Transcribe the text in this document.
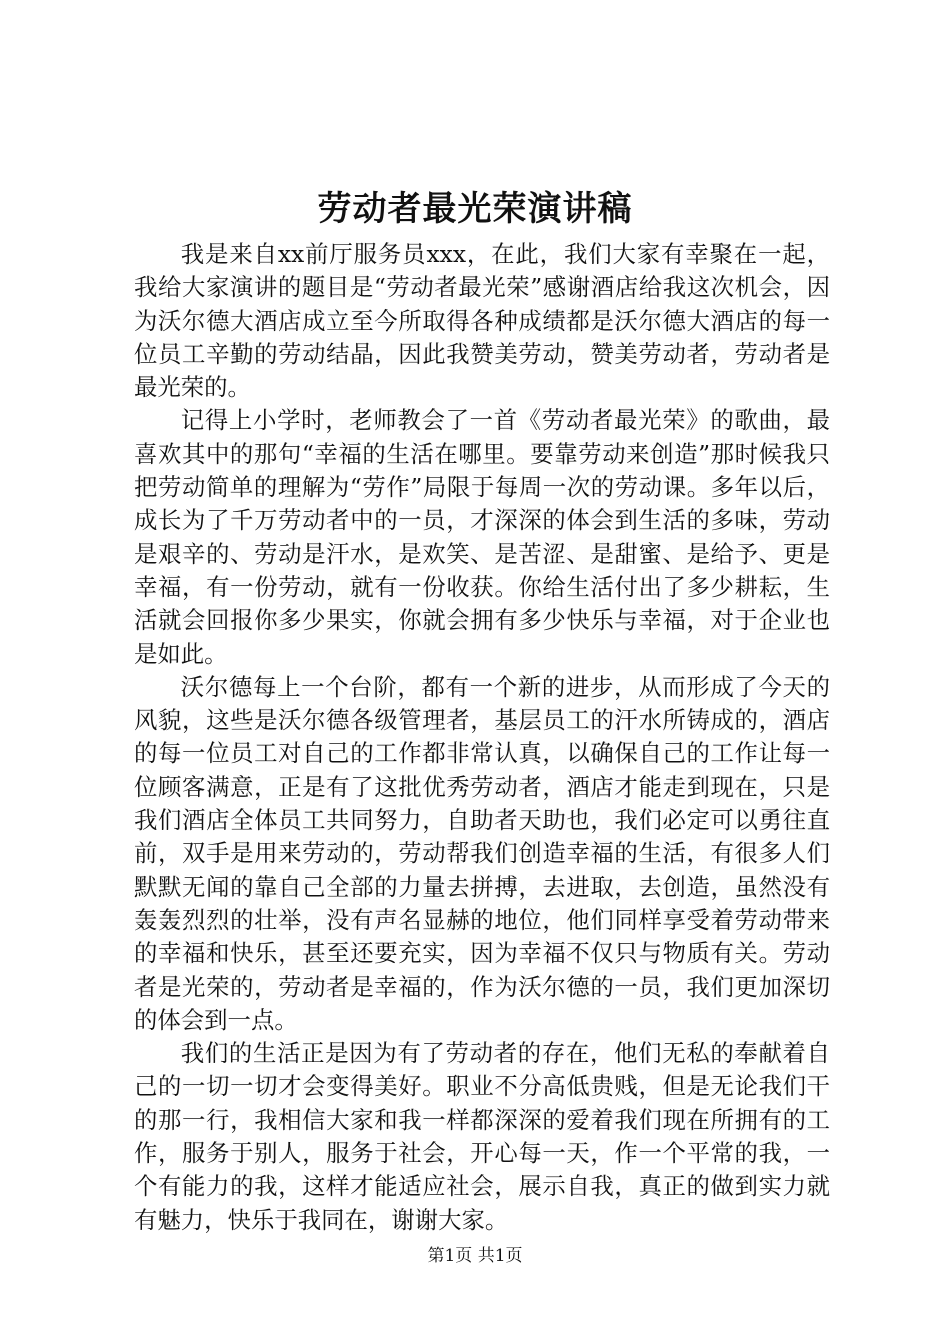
劳动者最光荣演讲稿

我是来自xx前厅服务员xxx，在此，我们大家有幸聚在一起，我给大家演讲的题目是“劳动者最光荣”感谢酒店给我这次机会，因为沃尔德大酒店成立至今所取得各种成绩都是沃尔德大酒店的每一位员工辛勤的劳动结晶，因此我赞美劳动，赞美劳动者，劳动者是最光荣的。

记得上小学时，老师教会了一首《劳动者最光荣》的歌曲，最喜欢其中的那句“幸福的生活在哪里。要靠劳动来创造”那时候我只把劳动简单的理解为“劳作”局限于每周一次的劳动课。多年以后，成长为了千万劳动者中的一员，才深深的体会到生活的多味，劳动是艰辛的、劳动是汗水，是欢笑、是苦涩、是甜蜜、是给予、更是幸福，有一份劳动，就有一份收获。你给生活付出了多少耕耘，生活就会回报你多少果实，你就会拥有多少快乐与幸福，对于企业也是如此。

沃尔德每上一个台阶，都有一个新的进步，从而形成了今天的风貌，这些是沃尔德各级管理者，基层员工的汗水所铸成的，酒店的每一位员工对自己的工作都非常认真，以确保自己的工作让每一位顾客满意，正是有了这批优秀劳动者，酒店才能走到现在，只是我们酒店全体员工共同努力，自助者天助也，我们必定可以勇往直前，双手是用来劳动的，劳动帮我们创造幸福的生活，有很多人们默默无闻的靠自己全部的力量去拼搏，去进取，去创造，虽然没有轰轰烈烈的壮举，没有声名显赫的地位，他们同样享受着劳动带来的幸福和快乐，甚至还要充实，因为幸福不仅只与物质有关。劳动者是光荣的，劳动者是幸福的，作为沃尔德的一员，我们更加深切的体会到一点。

我们的生活正是因为有了劳动者的存在，他们无私的奉献着自己的一切一切才会变得美好。职业不分高低贵贱，但是无论我们干的那一行，我相信大家和我一样都深深的爱着我们现在所拥有的工作，服务于别人，服务于社会，开心每一天，作一个平常的我，一个有能力的我，这样才能适应社会，展示自我，真正的做到实力就有魅力，快乐于我同在，谢谢大家。

第1页 共1页
